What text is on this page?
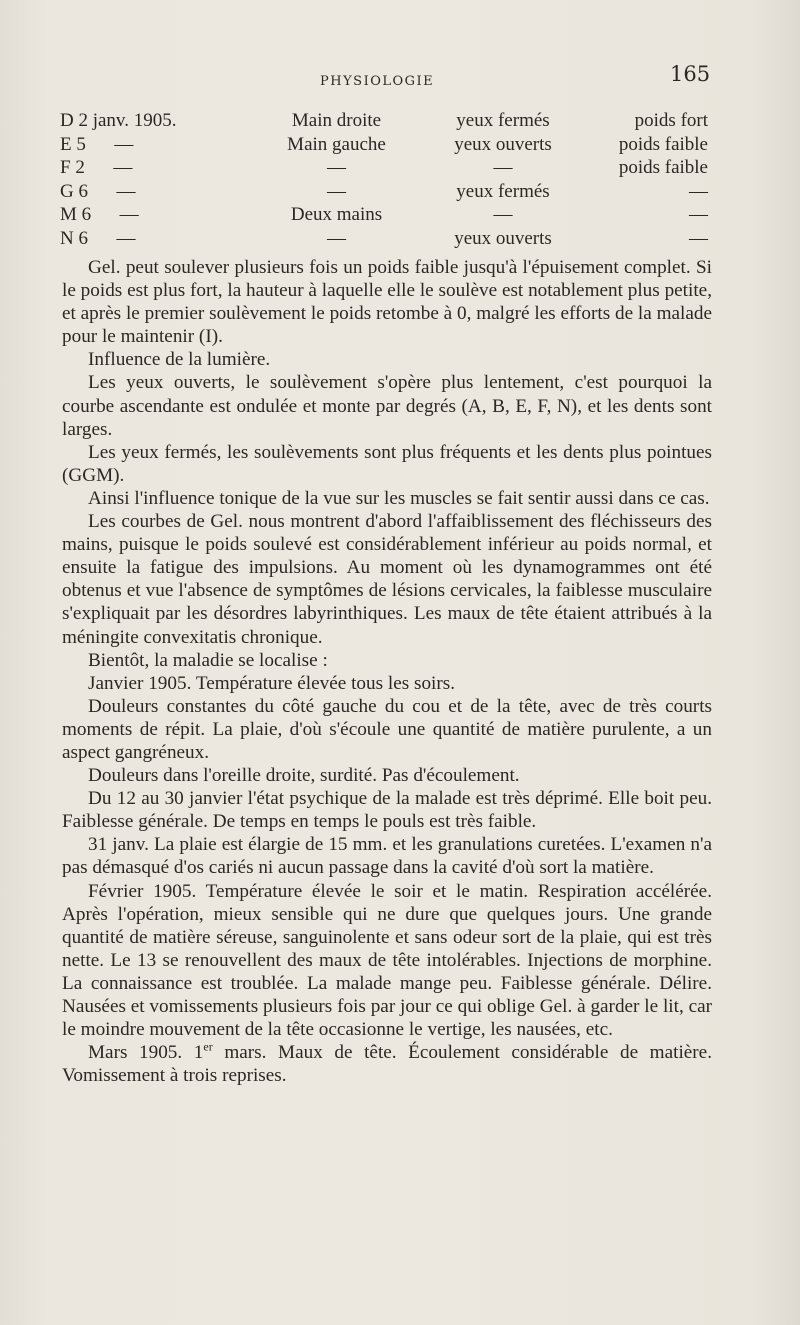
PHYSIOLOGIE	165
D 2 janv. 1905.	Main droite	yeux fermés	poids fort
E 5      —	Main gauche	yeux ouverts	poids faible
F 2      —	—	—	poids faible
G 6      —	—	yeux fermés	—
M 6      —	Deux mains	—	—
N 6      —	—	yeux ouverts	—

Gel. peut soulever plusieurs fois un poids faible jusqu'à l'épuisement complet. Si le poids est plus fort, la hauteur à laquelle elle le soulève est notablement plus petite, et après le premier soulèvement le poids retombe à 0, malgré les efforts de la malade pour le maintenir (I).

Influence de la lumière.

Les yeux ouverts, le soulèvement s'opère plus lentement, c'est pourquoi la courbe ascendante est ondulée et monte par degrés (A, B, E, F, N), et les dents sont larges.

Les yeux fermés, les soulèvements sont plus fréquents et les dents plus pointues (GGM).

Ainsi l'influence tonique de la vue sur les muscles se fait sentir aussi dans ce cas.

Les courbes de Gel. nous montrent d'abord l'affaiblissement des fléchisseurs des mains, puisque le poids soulevé est considérablement inférieur au poids normal, et ensuite la fatigue des impulsions. Au moment où les dynamogrammes ont été obtenus et vue l'absence de symptômes de lésions cervicales, la faiblesse musculaire s'expliquait par les désordres labyrinthiques. Les maux de tête étaient attribués à la méningite convexitatis chronique.

Bientôt, la maladie se localise :

Janvier 1905. Température élevée tous les soirs.

Douleurs constantes du côté gauche du cou et de la tête, avec de très courts moments de répit. La plaie, d'où s'écoule une quantité de matière purulente, a un aspect gangréneux.

Douleurs dans l'oreille droite, surdité. Pas d'écoulement.

Du 12 au 30 janvier l'état psychique de la malade est très déprimé. Elle boit peu. Faiblesse générale. De temps en temps le pouls est très faible.

31 janv. La plaie est élargie de 15 mm. et les granulations curetées. L'examen n'a pas démasqué d'os cariés ni aucun passage dans la cavité d'où sort la matière.

Février 1905. Température élevée le soir et le matin. Respiration accélérée. Après l'opération, mieux sensible qui ne dure que quelques jours. Une grande quantité de matière séreuse, sanguinolente et sans odeur sort de la plaie, qui est très nette. Le 13 se renouvellent des maux de tête intolérables. Injections de morphine. La connaissance est troublée. La malade mange peu. Faiblesse générale. Délire. Nausées et vomissements plusieurs fois par jour ce qui oblige Gel. à garder le lit, car le moindre mouvement de la tête occasionne le vertige, les nausées, etc.

Mars 1905. 1er mars. Maux de tête. Écoulement considérable de matière. Vomissement à trois reprises.
